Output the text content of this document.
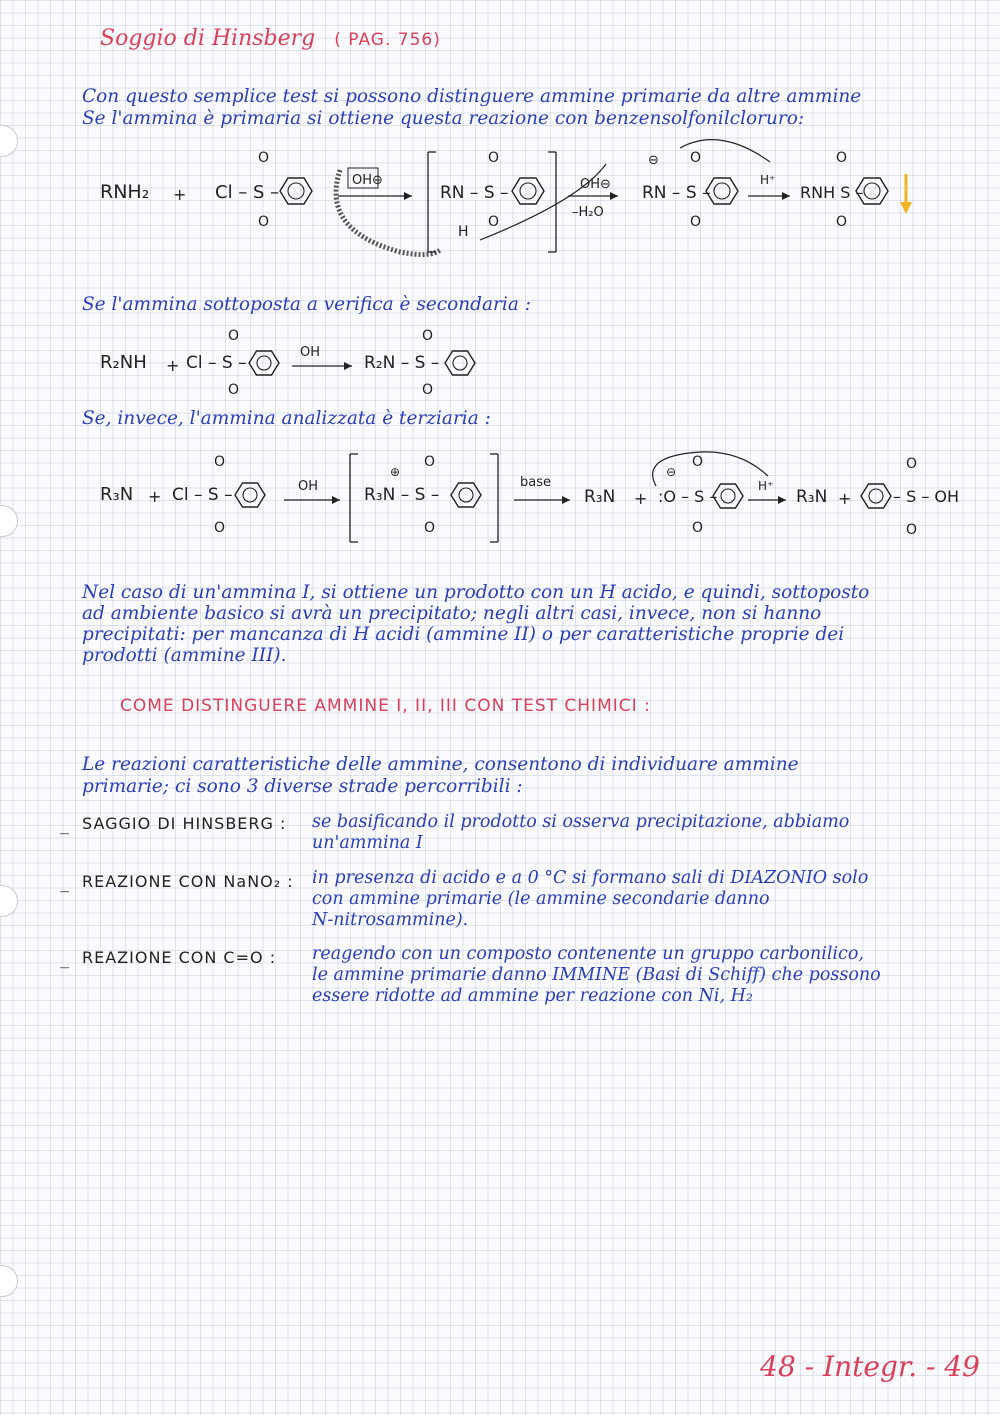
Soggio di Hinsberg ( PAG. 756)
Con questo semplice test si possono distinguere ammine primarie da altre ammine
Se l'ammina è primaria si ottiene questa reazione con benzensolfonilcloruro:
RNH₂ + Cl – S –
O
O
OH⊖
RN – S –
O
O
H
OH⊖
–H₂O
⊖
RN – S –
O
O
H⁺
RNH S –
O
O
Se l'ammina sottoposta a verifica è secondaria :
R₂NH + Cl – S –
O
O
OH
R₂N – S –
O
O
Se, invece, l'ammina analizzata è terziaria :
R₃N + Cl – S –
O
O
OH
⊕
R₃N – S –
O
O
base
R₃N + :O – S –
⊖
O
O
H⁺
R₃N +	– S – OH
O
O
Nel caso di un'ammina I, si ottiene un prodotto con un H acido, e quindi, sottoposto
ad ambiente basico si avrà un precipitato; negli altri casi, invece, non si hanno
precipitati: per mancanza di H acidi (ammine II) o per caratteristiche proprie dei
prodotti (ammine III).
COME DISTINGUERE AMMINE I, II, III CON TEST CHIMICI :
Le reazioni caratteristiche delle ammine, consentono di individuare ammine
primarie; ci sono 3 diverse strade percorribili :
_ SAGGIO DI HINSBERG : se basificando il prodotto si osserva precipitazione, abbiamo
un'ammina I
_ REAZIONE CON NaNO₂ : in presenza di acido e a 0 °C si formano sali di DIAZONIO solo
con ammine primarie (le ammine secondarie danno
N-nitrosammine).
_ REAZIONE CON C=O : reagendo con un composto contenente un gruppo carbonilico,
le ammine primarie danno IMMINE (Basi di Schiff) che possono
essere ridotte ad ammine per reazione con Ni, H₂
48 - Integr. - 49
